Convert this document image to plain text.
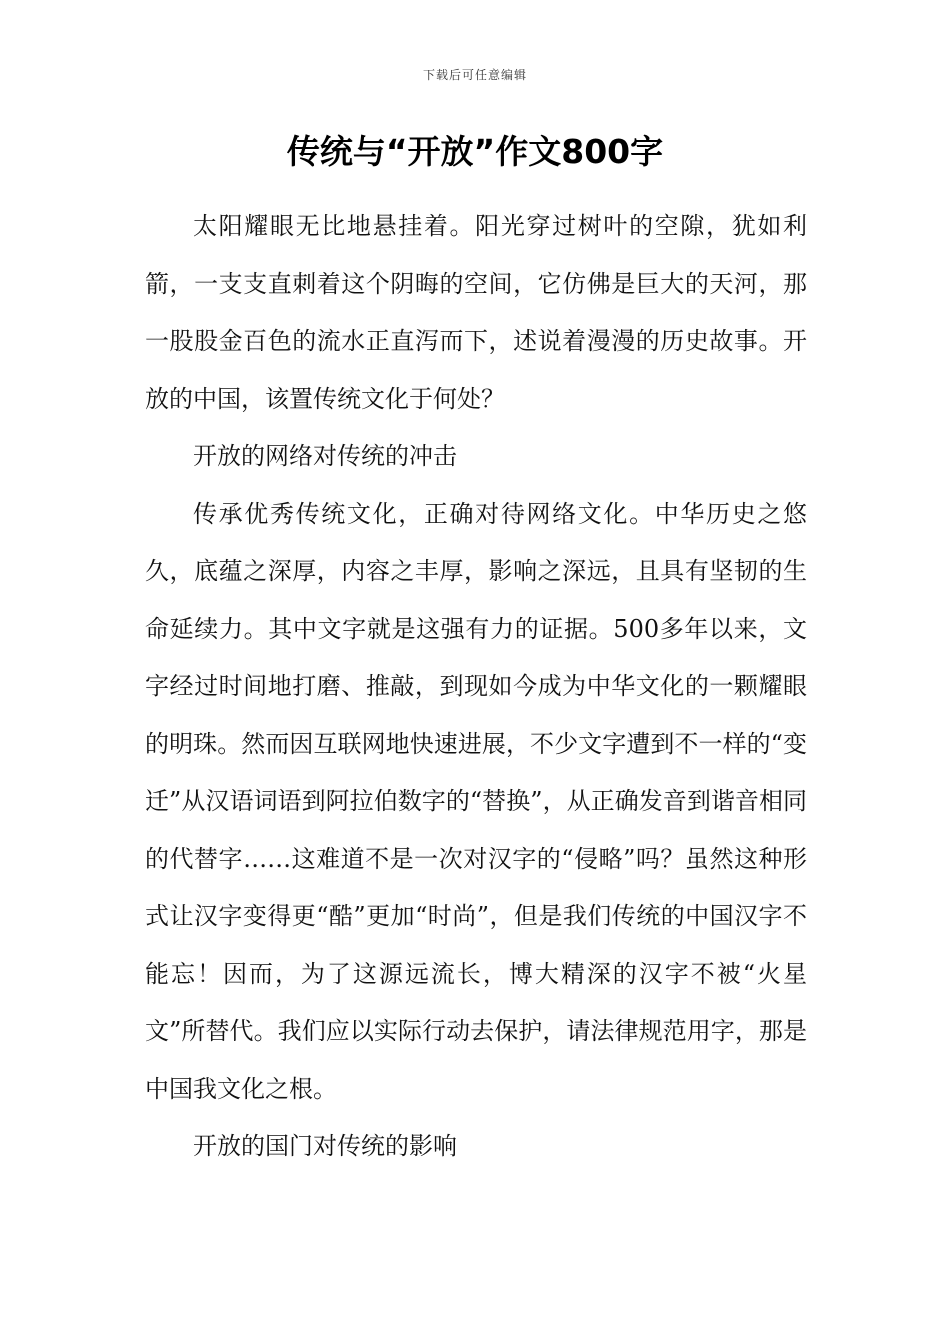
下载后可任意编辑
传统与“开放”作文800字

太阳耀眼无比地悬挂着。阳光穿过树叶的空隙，犹如利箭，一支支直刺着这个阴晦的空间，它仿佛是巨大的天河，那一股股金百色的流水正直泻而下，述说着漫漫的历史故事。开放的中国，该置传统文化于何处？

开放的网络对传统的冲击

传承优秀传统文化，正确对待网络文化。中华历史之悠久，底蕴之深厚，内容之丰厚，影响之深远，且具有坚韧的生命延续力。其中文字就是这强有力的证据。500多年以来，文字经过时间地打磨、推敲，到现如今成为中华文化的一颗耀眼的明珠。然而因互联网地快速进展，不少文字遭到不一样的“变迁”从汉语词语到阿拉伯数字的“替换”，从正确发音到谐音相同的代替字……这难道不是一次对汉字的“侵略”吗？虽然这种形式让汉字变得更“酷”更加“时尚”，但是我们传统的中国汉字不能忘！因而，为了这源远流长，博大精深的汉字不被“火星文”所替代。我们应以实际行动去保护，请法律规范用字，那是中国我文化之根。

开放的国门对传统的影响
